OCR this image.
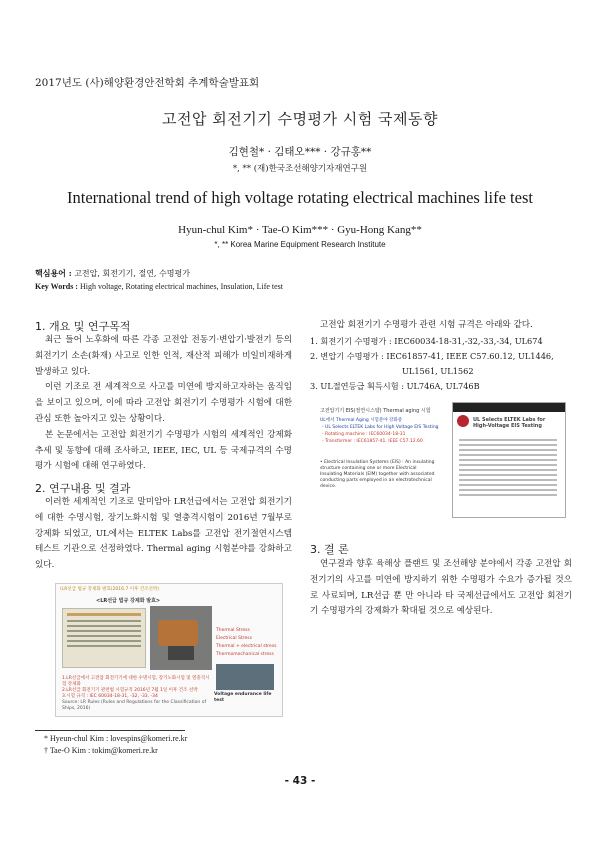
2017년도 (사)해양환경안전학회 추계학술발표회
고전압 회전기기 수명평가 시험 국제동향
김현철* · 김태오*** · 강규홍**
*, ** (재)한국조선해양기자재연구원
International trend of high voltage rotating electrical machines life test
Hyun-chul Kim* · Tae-O Kim*** · Gyu-Hong Kang**
*, ** Korea Marine Equipment Research Institute
핵심용어 : 고전압, 회전기기, 절연, 수명평가
Key Words : High voltage, Rotating electrical machines, Insulation, Life test
1. 개요 및 연구목적
최근 들어 노후화에 따른 각종 고전압 전동기·변압기·발전기 등의 회전기기 소손(화재) 사고로 인한 인적, 재산적 피해가 비일비재하게 발생하고 있다.
이런 기조로 전 세계적으로 사고를 미연에 방지하고자하는 움직임을 보이고 있으며, 이에 따라 고전압 회전기기 수명평가 시험에 대한 관심 또한 높아지고 있는 상황이다.
본 논문에서는 고전압 회전기기 수명평가 시험의 세계적인 강제화 추세 및 동향에 대해 조사하고, IEEE, IEC, UL 등 국제규격의 수명평가 시험에 대해 연구하였다.
2. 연구내용 및 결과
이러한 세계적인 기조로 말미암아 LR선급에서는 고전압 회전기기에 대한 수명시험, 장기노화시험 및 열충격시험이 2016년 7월부로 강제화 되었고, UL에서는 ELTEK Labs를 고전압 전기절연시스템 테스트 기관으로 선정하였다. Thermal aging 시험분야를 강화하고 있다.
(LR선급 법규 강제화 발효(2016.7 이후 건조선박)
<LR선급 법규 강제화 발효>
Thermal Stress
Electrical Stress
Thermal + electrical stress
Thermomechanical stress
Voltage endurance life test
1.LR선급에서 고전압 회전기기에 대한 수명시험, 장기노화시험 및 열충격시험 강제화
2.LR선급 회전기기 관련법 시험규격 2016년 7월 1일 이후 건조 선박
3.시험 규격 : IEC 60034-18-31, -32, -33, -34
Source: LR Rules (Rules and Regulations for the Classification of Ships, 2016)
고전압 회전기기 수명평가 관련 시험 규격은 아래와 같다.
1. 회전기기 수명평가 : IEC60034-18-31,-32,-33,-34, UL674
2. 변압기 수명평가 : IEC61857-41, IEEE C57.60.12, UL1446,
UL1561, UL1562
3. UL절연등급 획득시험 : UL746A, UL746B
고전압기기 EIS(절연시스템) Thermal aging 시험
UL에서 Thermal Aging 시험분야 강화중
- UL Selects ELTEK Labs for High Voltage EIS Testing
- Rotating machine : IEC60034-18-31
- Transformer : IEC61857-41, IEEE C57.12.60
• Electrical Insulation Systems (EIS) : An insulating structure containing one or more Electrical Insulating Materials (EIM) together with associated conducting parts employed in an electrotechnical device.
UL Selects ELTEK Labs for High-Voltage EIS Testing
3. 결 론
연구결과 향후 육해상 플랜트 및 조선해양 분야에서 각종 고전압 회전기기의 사고를 미연에 방지하기 위한 수명평가 수요가 증가될 것으로 사료되며, LR선급 뿐 만 아니라 타 국제선급에서도 고전압 회전기기 수명평가의 강제화가 확대될 것으로 예상된다.
* Hyeun-chul Kim : lovespins@komeri.re.kr
† Tae-O Kim : tokim@komeri.re.kr
- 43 -
